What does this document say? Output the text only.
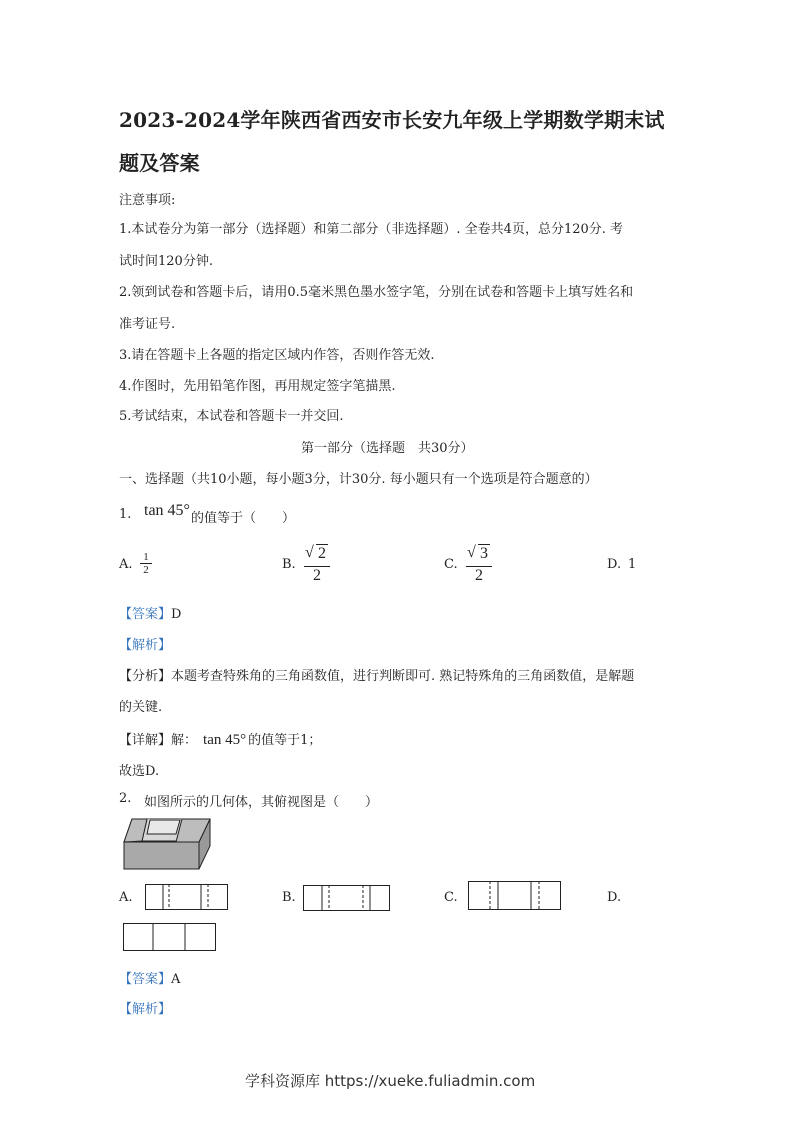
2023-2024学年陕西省西安市长安九年级上学期数学期末试
题及答案
注意事项:
1.本试卷分为第一部分（选择题）和第二部分（非选择题）. 全卷共4页，总分120分. 考
试时间120分钟.
2.领到试卷和答题卡后，请用0.5毫米黑色墨水签字笔，分别在试卷和答题卡上填写姓名和
准考证号.
3.请在答题卡上各题的指定区域内作答，否则作答无效.
4.作图时，先用铅笔作图，再用规定签字笔描黑.
5.考试结束，本试卷和答题卡一并交回.
第一部分（选择题　共30分）
一、选择题（共10小题，每小题3分，计30分. 每小题只有一个选项是符合题意的）
1. tan 45° 的值等于（　　）
A. $\frac{1}{2}$	B. $\frac{√ 2}{2}$	C. $\frac{√ 3}{2}$	D. 1
【答案】D
【解析】
【分析】本题考查特殊角的三角函数值，进行判断即可. 熟记特殊角的三角函数值，是解题
的关键.
【详解】解： tan 45° 的值等于1；
故选D.
2. 如图所示的几何体，其俯视图是（　　）
A.	B.	C.	D.
【答案】A
【解析】
学科资源库 https://xueke.fuliadmin.com
